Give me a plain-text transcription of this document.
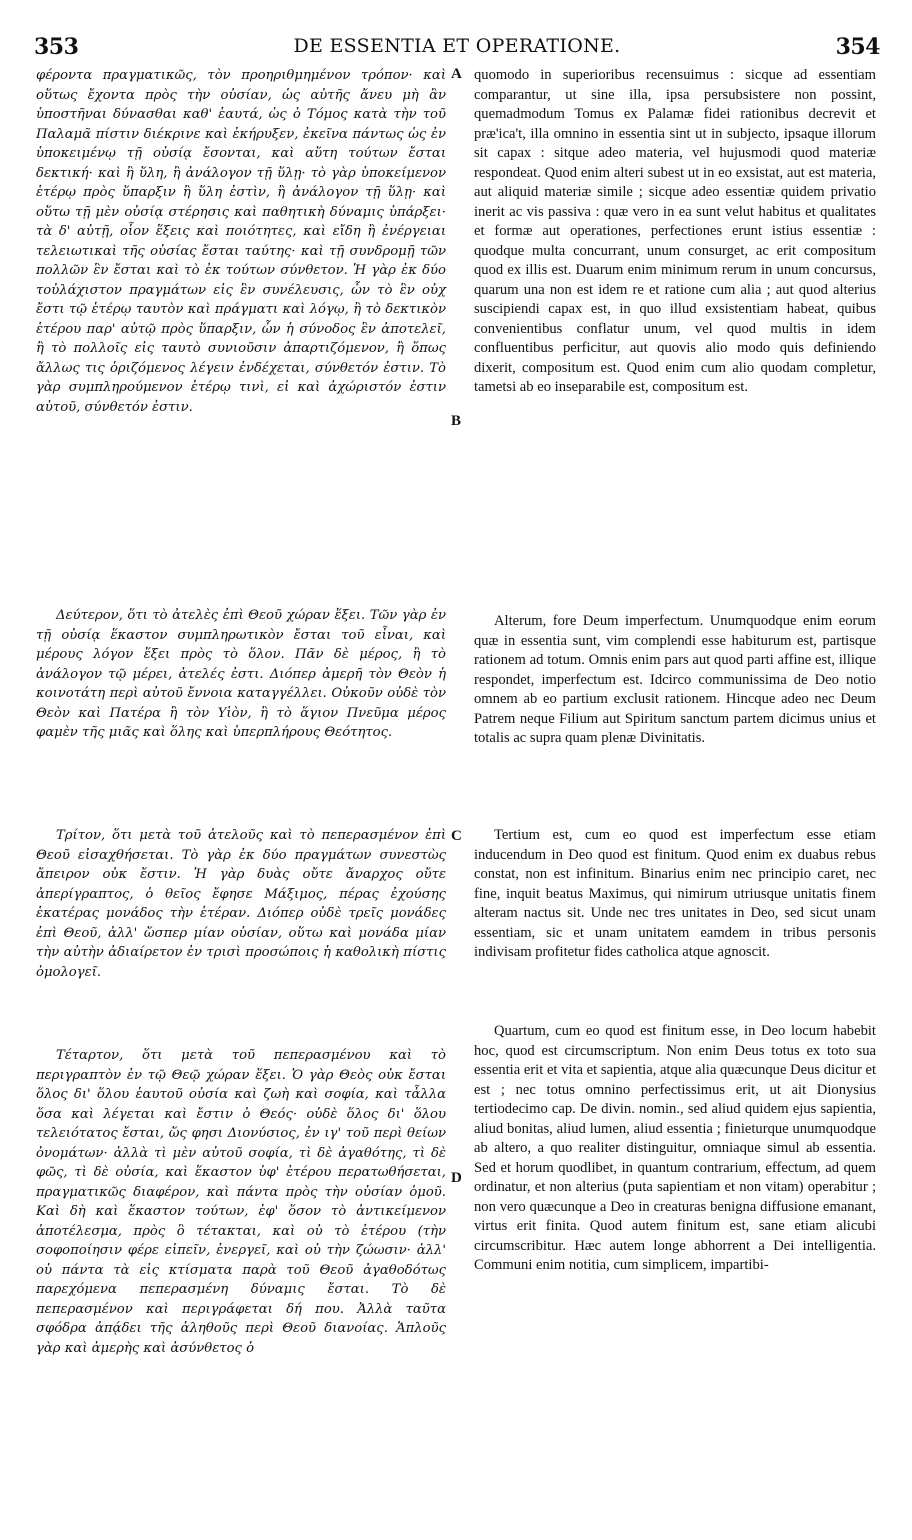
353	DE ESSENTIA ET OPERATIONE.	354
A
B
C
D

φέροντα πραγματικῶς, τὸν προηριθμημένον τρόπον· καὶ οὕτως ἔχοντα πρὸς τὴν οὐσίαν, ὡς αὐτῆς ἄνευ μὴ ἂν ὑποστῆναι δύνασθαι καθ' ἑαυτά, ὡς ὁ Τόμος κατὰ τὴν τοῦ Παλαμᾶ πίστιν διέκρινε καὶ ἐκήρυξεν, ἐκεῖνα πάντως ὡς ἐν ὑποκειμένῳ τῇ οὐσίᾳ ἔσονται, καὶ αὕτη τούτων ἔσται δεκτική· καὶ ἢ ὕλη, ἢ ἀνάλογον τῇ ὕλῃ· τὸ γὰρ ὑποκείμενον ἑτέρῳ πρὸς ὕπαρξιν ἢ ὕλη ἐστὶν, ἢ ἀνάλογον τῇ ὕλῃ· καὶ οὕτω τῇ μὲν οὐσίᾳ στέρησις καὶ παθητικὴ δύναμις ὑπάρξει· τὰ δ' αὐτῇ, οἷον ἕξεις καὶ ποιότητες, καὶ εἴδη ἢ ἐνέργειαι τελειωτικαὶ τῆς οὐσίας ἔσται ταύτης· καὶ τῇ συνδρομῇ τῶν πολλῶν ἓν ἔσται καὶ τὸ ἐκ τούτων σύνθετον. Ἡ γὰρ ἐκ δύο τοὐλάχιστον πραγμάτων εἰς ἓν συνέλευσις, ὧν τὸ ἓν οὐχ ἔστι τῷ ἑτέρῳ ταυτὸν καὶ πράγματι καὶ λόγῳ, ἢ τὸ δεκτικὸν ἑτέρου παρ' αὐτῷ πρὸς ὕπαρξιν, ὧν ἡ σύνοδος ἓν ἀποτελεῖ, ἢ τὸ πολλοῖς εἰς ταυτὸ συνιοῦσιν ἀπαρτιζόμενον, ἢ ὅπως ἄλλως τις ὁριζόμενος λέγειν ἐνδέχεται, σύνθετόν ἐστιν. Τὸ γὰρ συμπληρούμενον ἑτέρῳ τινὶ, εἰ καὶ ἀχώριστόν ἐστιν αὐτοῦ, σύνθετόν ἐστιν.

Δεύτερον, ὅτι τὸ ἀτελὲς ἐπὶ Θεοῦ χώραν ἕξει. Τῶν γὰρ ἐν τῇ οὐσίᾳ ἕκαστον συμπληρωτικὸν ἔσται τοῦ εἶναι, καὶ μέρους λόγον ἕξει πρὸς τὸ ὅλον. Πᾶν δὲ μέρος, ἢ τὸ ἀνάλογον τῷ μέρει, ἀτελές ἐστι. Διόπερ ἀμερῆ τὸν Θεὸν ἡ κοινοτάτη περὶ αὐτοῦ ἔννοια καταγγέλλει. Οὐκοῦν οὐδὲ τὸν Θεὸν καὶ Πατέρα ἢ τὸν Υἱὸν, ἢ τὸ ἅγιον Πνεῦμα μέρος φαμὲν τῆς μιᾶς καὶ ὅλης καὶ ὑπερπλήρους Θεότητος.

Τρίτον, ὅτι μετὰ τοῦ ἀτελοῦς καὶ τὸ πεπερασμένον ἐπὶ Θεοῦ εἰσαχθήσεται. Τὸ γὰρ ἐκ δύο πραγμάτων συνεστὼς ἄπειρον οὐκ ἔστιν. Ἡ γὰρ δυὰς οὔτε ἄναρχος οὔτε ἀπερίγραπτος, ὁ θεῖος ἔφησε Μάξιμος, πέρας ἐχούσης ἑκατέρας μονάδος τὴν ἑτέραν. Διόπερ οὐδὲ τρεῖς μονάδες ἐπὶ Θεοῦ, ἀλλ' ὥσπερ μίαν οὐσίαν, οὕτω καὶ μονάδα μίαν τὴν αὐτὴν ἀδιαίρετον ἐν τρισὶ προσώποις ἡ καθολικὴ πίστις ὁμολογεῖ.

Τέταρτον, ὅτι μετὰ τοῦ πεπερασμένου καὶ τὸ περιγραπτὸν ἐν τῷ Θεῷ χώραν ἕξει. Ὁ γὰρ Θεὸς οὐκ ἔσται ὅλος δι' ὅλου ἑαυτοῦ οὐσία καὶ ζωὴ καὶ σοφία, καὶ τἆλλα ὅσα καὶ λέγεται καὶ ἔστιν ὁ Θεός· οὐδὲ ὅλος δι' ὅλου τελειότατος ἔσται, ὥς φησι Διονύσιος, ἐν ιγ' τοῦ περὶ θείων ὀνομάτων· ἀλλὰ τὶ μὲν αὐτοῦ σοφία, τὶ δὲ ἀγαθότης, τὶ δὲ φῶς, τὶ δὲ οὐσία, καὶ ἕκαστον ὑφ' ἑτέρου περατωθήσεται, πραγματικῶς διαφέρον, καὶ πάντα πρὸς τὴν οὐσίαν ὁμοῦ. Καὶ δὴ καὶ ἕκαστον τούτων, ἐφ' ὅσον τὸ ἀντικείμενον ἀποτέλεσμα, πρὸς ὃ τέτακται, καὶ οὐ τὸ ἑτέρου (τὴν σοφοποίησιν φέρε εἰπεῖν, ἐνεργεῖ, καὶ οὐ τὴν ζώωσιν· ἀλλ' οὐ πάντα τὰ εἰς κτίσματα παρὰ τοῦ Θεοῦ ἀγαθοδότως παρεχόμενα πεπερασμένη δύναμις ἔσται. Τὸ δὲ πεπερασμένον καὶ περιγράφεται δή που. Ἀλλὰ ταῦτα σφόδρα ἀπᾴδει τῆς ἀληθοῦς περὶ Θεοῦ διανοίας. Ἁπλοῦς γὰρ καὶ ἀμερὴς καὶ ἀσύνθετος ὁ

quomodo in superioribus recensuimus : sicque ad essentiam comparantur, ut sine illa, ipsa persubsistere non possint, quemadmodum Tomus ex Palamæ fidei rationibus decrevit et præ'ica't, illa omnino in essentia sint ut in subjecto, ipsaque illorum sit capax : sitque adeo materia, vel hujusmodi quod materiæ respondeat. Quod enim alteri subest ut in eo exsistat, aut est materia, aut aliquid materiæ simile ; sicque adeo essentiæ quidem privatio inerit ac vis passiva : quæ vero in ea sunt velut habitus et qualitates et formæ aut operationes, perfectiones erunt istius essentiæ : quodque multa concurrant, unum consurget, ac erit compositum quod ex illis est. Duarum enim minimum rerum in unum concursus, quarum una non est idem re et ratione cum alia ; aut quod alterius suscipiendi capax est, in quo illud exsistentiam habeat, quibus convenientibus conflatur unum, vel quod multis in idem confluentibus perficitur, aut quovis alio modo quis definiendo dixerit, compositum est. Quod enim cum alio quodam completur, tametsi ab eo inseparabile est, compositum est.

Alterum, fore Deum imperfectum. Unumquodque enim eorum quæ in essentia sunt, vim complendi esse habiturum est, partisque rationem ad totum. Omnis enim pars aut quod parti affine est, illique respondet, imperfectum est. Idcirco communissima de Deo notio omnem ab eo partium exclusit rationem. Hincque adeo nec Deum Patrem neque Filium aut Spiritum sanctum partem dicimus unius et totalis ac supra quam plenæ Divinitatis.

Tertium est, cum eo quod est imperfectum esse etiam inducendum in Deo quod est finitum. Quod enim ex duabus rebus constat, non est infinitum. Binarius enim nec principio caret, nec fine, inquit beatus Maximus, qui nimirum utriusque unitatis finem alteram nactus sit. Unde nec tres unitates in Deo, sed sicut unam essentiam, sic et unam unitatem eamdem in tribus personis indivisam profitetur fides catholica atque agnoscit.

Quartum, cum eo quod est finitum esse, in Deo locum habebit hoc, quod est circumscriptum. Non enim Deus totus ex toto sua essentia erit et vita et sapientia, atque alia quæcunque Deus dicitur et est ; nec totus omnino perfectissimus erit, ut ait Dionysius tertiodecimo cap. De divin. nomin., sed aliud quidem ejus sapientia, aliud bonitas, aliud lumen, aliud essentia ; finieturque unumquodque ab altero, a quo realiter distinguitur, omniaque simul ab essentia. Sed et horum quodlibet, in quantum contrarium, effectum, ad quem ordinatur, et non alterius (puta sapientiam et non vitam) operabitur ; non vero quæcunque a Deo in creaturas benigna diffusione emanant, virtus erit finita. Quod autem finitum est, sane etiam alicubi circumscribitur. Hæc autem longe abhorrent a Dei intelligentia. Communi enim notitia, cum simplicem, impartibi-
